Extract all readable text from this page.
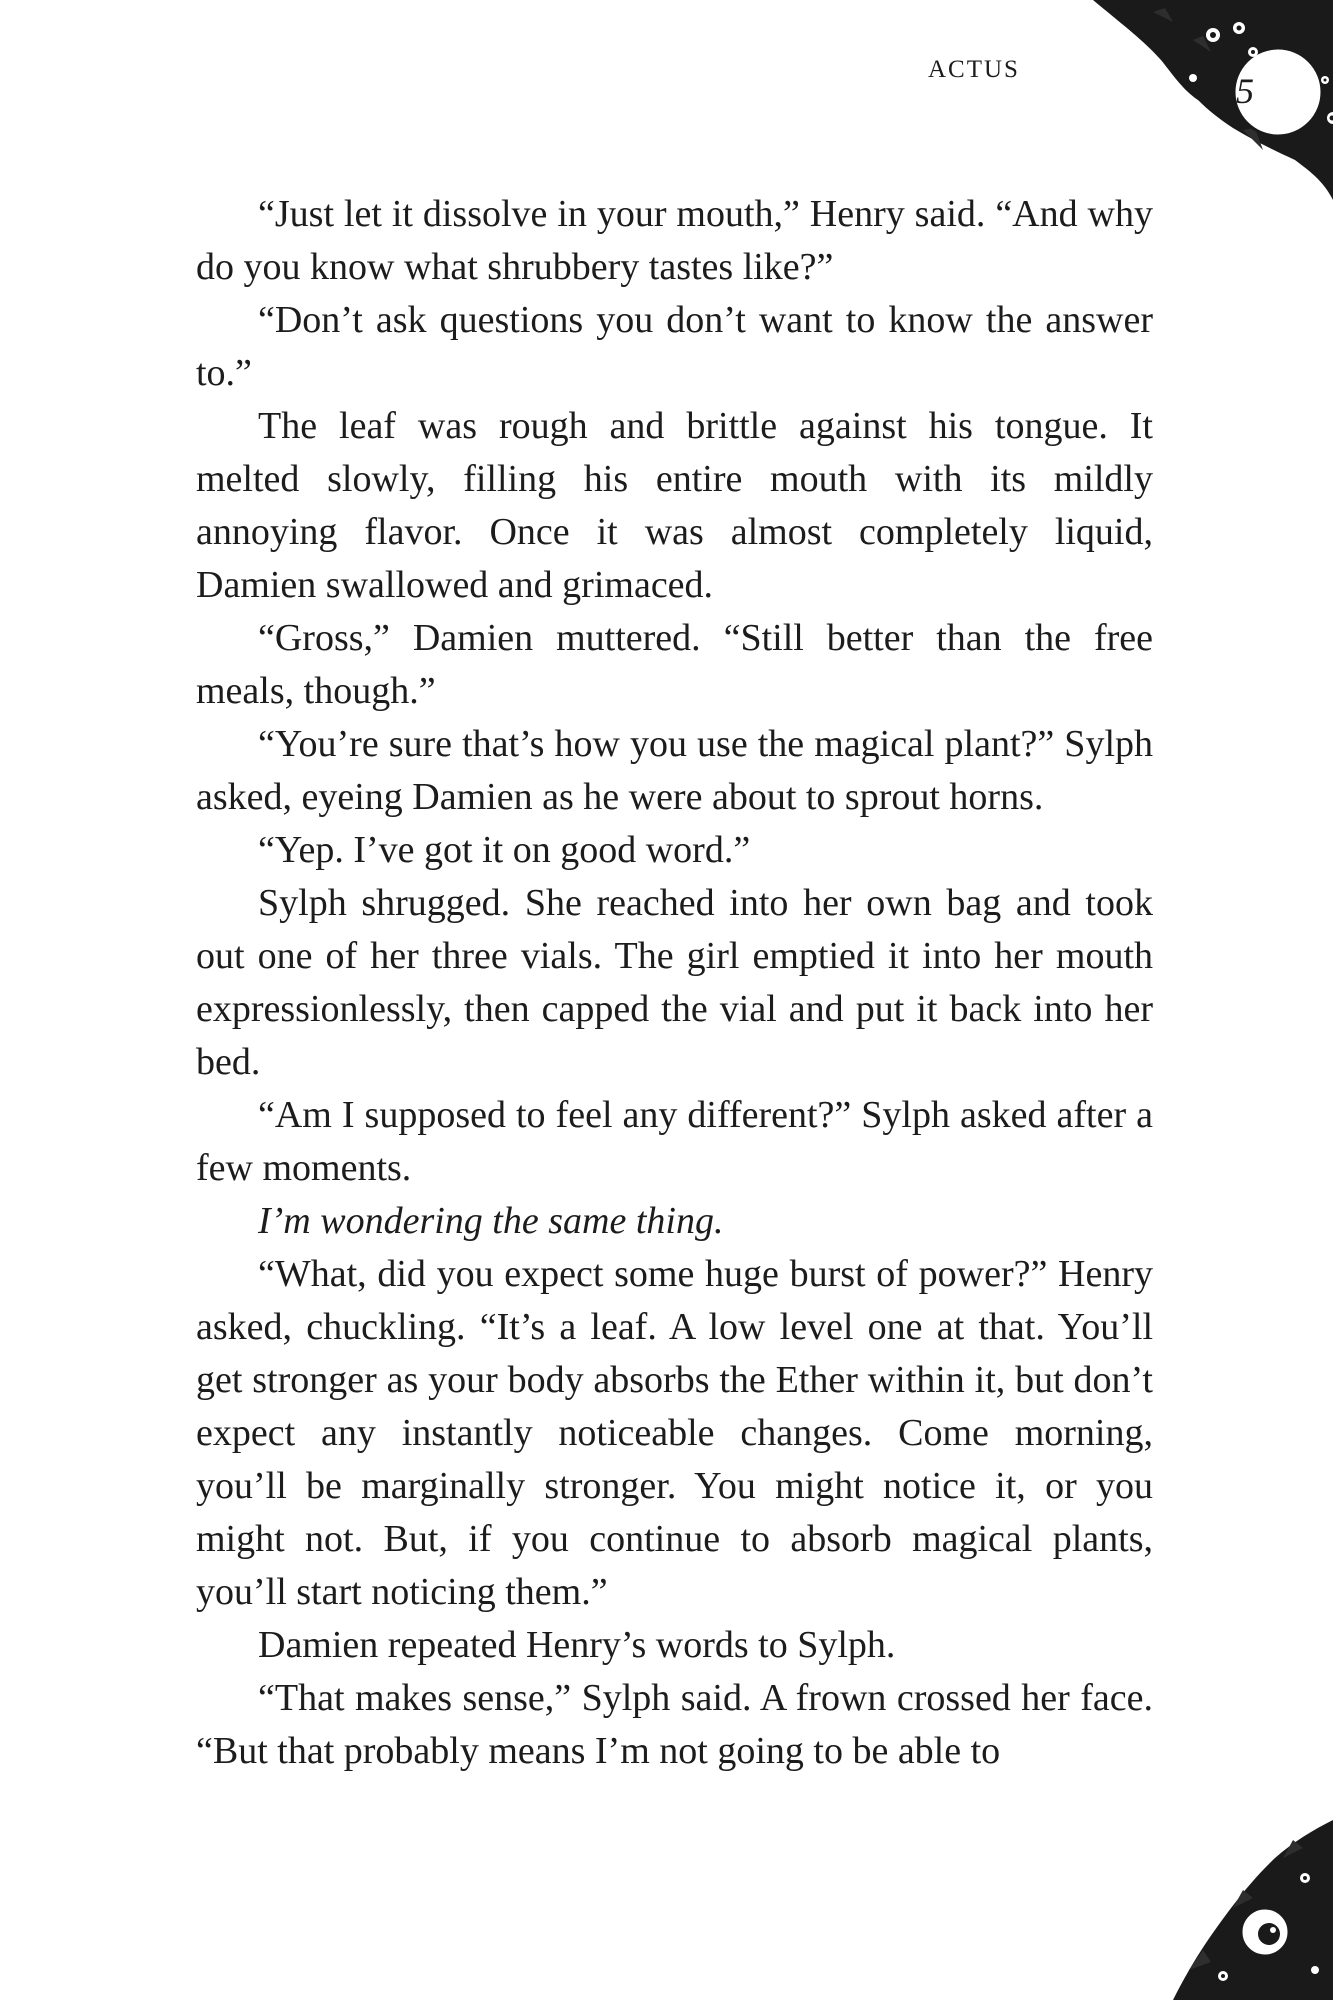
ACTUS
5

“Just let it dissolve in your mouth,” Henry said. “And why do you know what shrubbery tastes like?”

“Don’t ask questions you don’t want to know the answer to.”

The leaf was rough and brittle against his tongue. It melted slowly, filling his entire mouth with its mildly annoying flavor. Once it was almost completely liquid, Damien swallowed and grimaced.

“Gross,” Damien muttered. “Still better than the free meals, though.”

“You’re sure that’s how you use the magical plant?” Sylph asked, eyeing Damien as he were about to sprout horns.

“Yep. I’ve got it on good word.”

Sylph shrugged. She reached into her own bag and took out one of her three vials. The girl emptied it into her mouth expressionlessly, then capped the vial and put it back into her bed.

“Am I supposed to feel any different?” Sylph asked after a few moments.

I’m wondering the same thing.

“What, did you expect some huge burst of power?” Henry asked, chuckling. “It’s a leaf. A low level one at that. You’ll get stronger as your body absorbs the Ether within it, but don’t expect any instantly noticeable changes. Come morning, you’ll be marginally stronger. You might notice it, or you might not. But, if you continue to absorb magical plants, you’ll start noticing them.”

Damien repeated Henry’s words to Sylph.

“That makes sense,” Sylph said. A frown crossed her face. “But that probably means I’m not going to be able to
